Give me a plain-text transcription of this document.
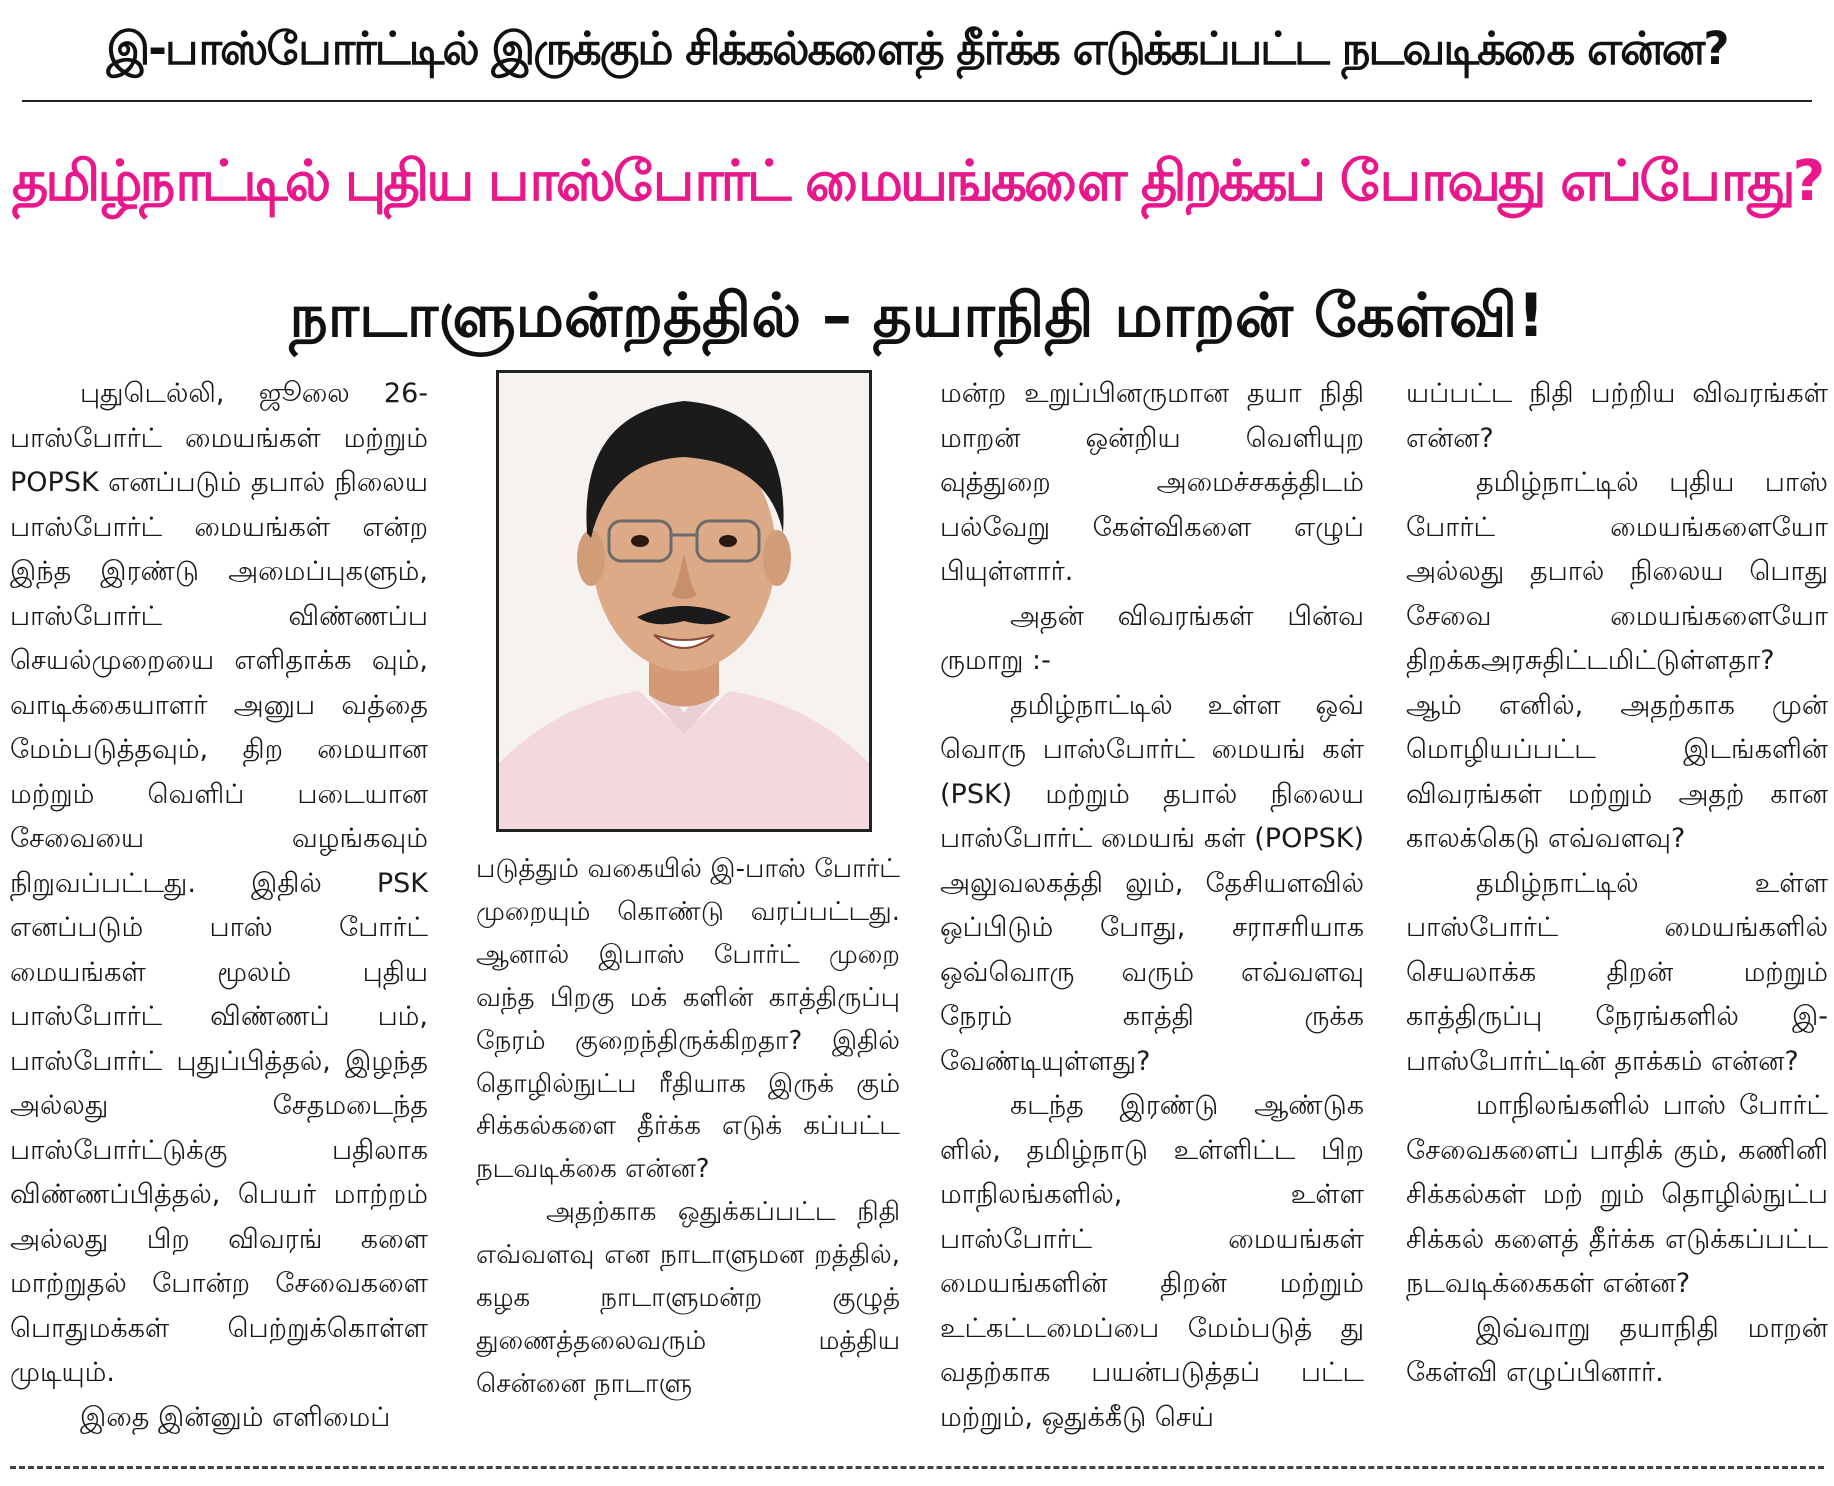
இ-பாஸ்போர்ட்டில் இருக்கும் சிக்கல்களைத் தீர்க்க எடுக்கப்பட்ட நடவடிக்கை என்ன?
தமிழ்நாட்டில் புதிய பாஸ்போர்ட் மையங்களை திறக்கப் போவது எப்போது?
நாடாளுமன்றத்தில் – தயாநிதி மாறன் கேள்வி!

புதுடெல்லி, ஜூலை 26- பாஸ்போர்ட் மையங்கள் மற்றும் POPSK எனப்படும் தபால் நிலைய பாஸ்போர்ட் மையங்கள் என்ற இந்த இரண்டு அமைப்புகளும், பாஸ்போர்ட் விண்ணப்ப செயல்முறையை எளிதாக்க வும், வாடிக்கையாளர் அனுப வத்தை மேம்படுத்தவும், திற மையான மற்றும் வெளிப் படையான சேவையை வழங்கவும் நிறுவப்பட்டது. இதில் PSK எனப்படும் பாஸ் போர்ட் மையங்கள் மூலம் புதிய பாஸ்போர்ட் விண்ணப் பம், பாஸ்போர்ட் புதுப்பித்தல், இழந்த அல்லது சேதமடைந்த பாஸ்போர்ட்டுக்கு பதிலாக விண்ணப்பித்தல், பெயர் மாற்றம் அல்லது பிற விவரங் களை மாற்றுதல் போன்ற சேவைகளை பொதுமக்கள் பெற்றுக்கொள்ள முடியும்.

இதை இன்னும் எளிமைப்

படுத்தும் வகையில் இ-பாஸ் போர்ட் முறையும் கொண்டு வரப்பட்டது. ஆனால் இபாஸ் போர்ட் முறை வந்த பிறகு மக் களின் காத்திருப்பு நேரம் குறைந்திருக்கிறதா? இதில் தொழில்நுட்ப ரீதியாக இருக் கும் சிக்கல்களை தீர்க்க எடுக் கப்பட்ட நடவடிக்கை என்ன?

அதற்காக ஒதுக்கப்பட்ட நிதி எவ்வளவு என நாடாளுமன றத்தில், கழக நாடாளுமன்ற குழுத் துணைத்தலைவரும் மத்திய சென்னை நாடாளு

மன்ற உறுப்பினருமான தயா நிதி மாறன் ஒன்றிய வெளியுற வுத்துறை அமைச்சகத்திடம் பல்வேறு கேள்விகளை எழுப் பியுள்ளார்.

அதன் விவரங்கள் பின்வ ருமாறு :-

தமிழ்நாட்டில் உள்ள ஒவ் வொரு பாஸ்போர்ட் மையங் கள் (PSK) மற்றும் தபால் நிலைய பாஸ்போர்ட் மையங் கள் (POPSK) அலுவலகத்தி லும், தேசியளவில் ஒப்பிடும் போது, சராசரியாக ஒவ்வொரு வரும் எவ்வளவு நேரம் காத்தி ருக்க வேண்டியுள்ளது?

கடந்த இரண்டு ஆண்டுக ளில், தமிழ்நாடு உள்ளிட்ட பிற மாநிலங்களில், உள்ள பாஸ்போர்ட் மையங்கள் மையங்களின் திறன் மற்றும் உட்கட்டமைப்பை மேம்படுத் து வதற்காக பயன்படுத்தப் பட்ட மற்றும், ஒதுக்கீடு செய்

யப்பட்ட நிதி பற்றிய விவரங்கள் என்ன?

தமிழ்நாட்டில் புதிய பாஸ் போர்ட் மையங்களையோ அல்லது தபால் நிலைய பொது சேவை மையங்களையோ திறக்கஅரசுதிட்டமிட்டுள்ளதா? ஆம் எனில், அதற்காக முன் மொழியப்பட்ட இடங்களின் விவரங்கள் மற்றும் அதற் கான காலக்கெடு எவ்வளவு?

தமிழ்நாட்டில் உள்ள பாஸ்போர்ட் மையங்களில் செயலாக்க திறன் மற்றும் காத்திருப்பு நேரங்களில் இ- பாஸ்போர்ட்டின் தாக்கம் என்ன?

மாநிலங்களில் பாஸ் போர்ட் சேவைகளைப் பாதிக் கும், கணினி சிக்கல்கள் மற் றும் தொழில்நுட்ப சிக்கல் களைத் தீர்க்க எடுக்கப்பட்ட நடவடிக்கைகள் என்ன?

இவ்வாறு தயாநிதி மாறன் கேள்வி எழுப்பினார்.
